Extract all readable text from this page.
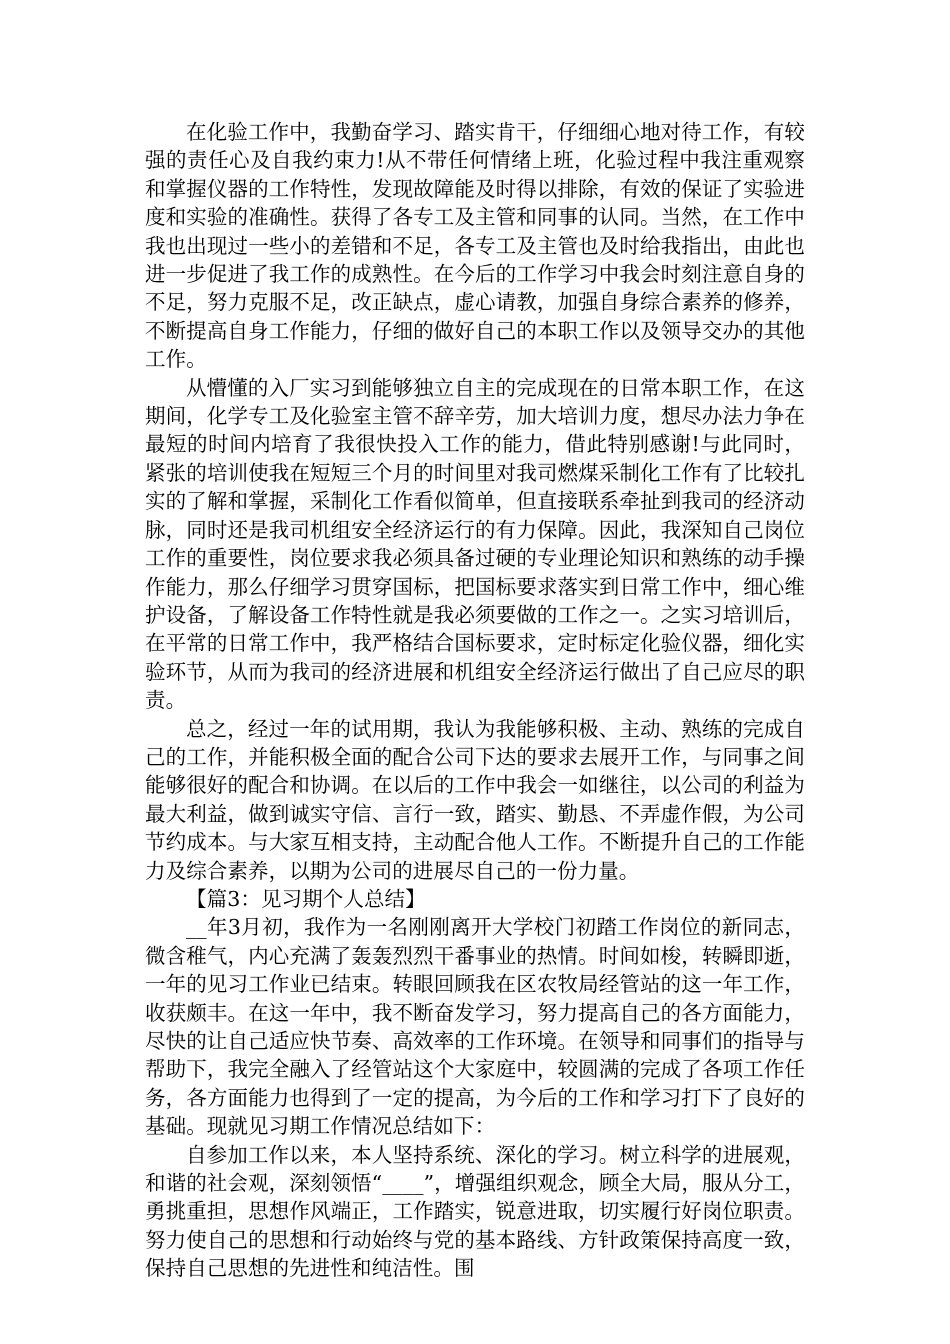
在化验工作中，我勤奋学习、踏实肯干，仔细细心地对待工作，有较强的责任心及自我约束力!从不带任何情绪上班，化验过程中我注重观察和掌握仪器的工作特性，发现故障能及时得以排除，有效的保证了实验进度和实验的准确性。获得了各专工及主管和同事的认同。当然，在工作中我也出现过一些小的差错和不足，各专工及主管也及时给我指出，由此也进一步促进了我工作的成熟性。在今后的工作学习中我会时刻注意自身的不足，努力克服不足，改正缺点，虚心请教，加强自身综合素养的修养，不断提高自身工作能力，仔细的做好自己的本职工作以及领导交办的其他工作。

从懵懂的入厂实习到能够独立自主的完成现在的日常本职工作，在这期间，化学专工及化验室主管不辞辛劳，加大培训力度，想尽办法力争在最短的时间内培育了我很快投入工作的能力，借此特别感谢!与此同时，紧张的培训使我在短短三个月的时间里对我司燃煤采制化工作有了比较扎实的了解和掌握，采制化工作看似简单，但直接联系牵扯到我司的经济动脉，同时还是我司机组安全经济运行的有力保障。因此，我深知自己岗位工作的重要性，岗位要求我必须具备过硬的专业理论知识和熟练的动手操作能力，那么仔细学习贯穿国标，把国标要求落实到日常工作中，细心维护设备，了解设备工作特性就是我必须要做的工作之一。之实习培训后，在平常的日常工作中，我严格结合国标要求，定时标定化验仪器，细化实验环节，从而为我司的经济进展和机组安全经济运行做出了自己应尽的职责。

总之，经过一年的试用期，我认为我能够积极、主动、熟练的完成自己的工作，并能积极全面的配合公司下达的要求去展开工作，与同事之间能够很好的配合和协调。在以后的工作中我会一如继往，以公司的利益为最大利益，做到诚实守信、言行一致，踏实、勤恳、不弄虚作假，为公司节约成本。与大家互相支持，主动配合他人工作。不断提升自己的工作能力及综合素养，以期为公司的进展尽自己的一份力量。

【篇3：见习期个人总结】

__年3月初，我作为一名刚刚离开大学校门初踏工作岗位的新同志，微含稚气，内心充满了轰轰烈烈干番事业的热情。时间如梭，转瞬即逝，一年的见习工作业已结束。转眼回顾我在区农牧局经管站的这一年工作，收获颇丰。在这一年中，我不断奋发学习，努力提高自己的各方面能力，尽快的让自己适应快节奏、高效率的工作环境。在领导和同事们的指导与帮助下，我完全融入了经管站这个大家庭中，较圆满的完成了各项工作任务，各方面能力也得到了一定的提高，为今后的工作和学习打下了良好的基础。现就见习期工作情况总结如下：

自参加工作以来，本人坚持系统、深化的学习。树立科学的进展观，和谐的社会观，深刻领悟“____”，增强组织观念，顾全大局，服从分工，勇挑重担，思想作风端正，工作踏实，锐意进取，切实履行好岗位职责。努力使自己的思想和行动始终与党的基本路线、方针政策保持高度一致，保持自己思想的先进性和纯洁性。围
